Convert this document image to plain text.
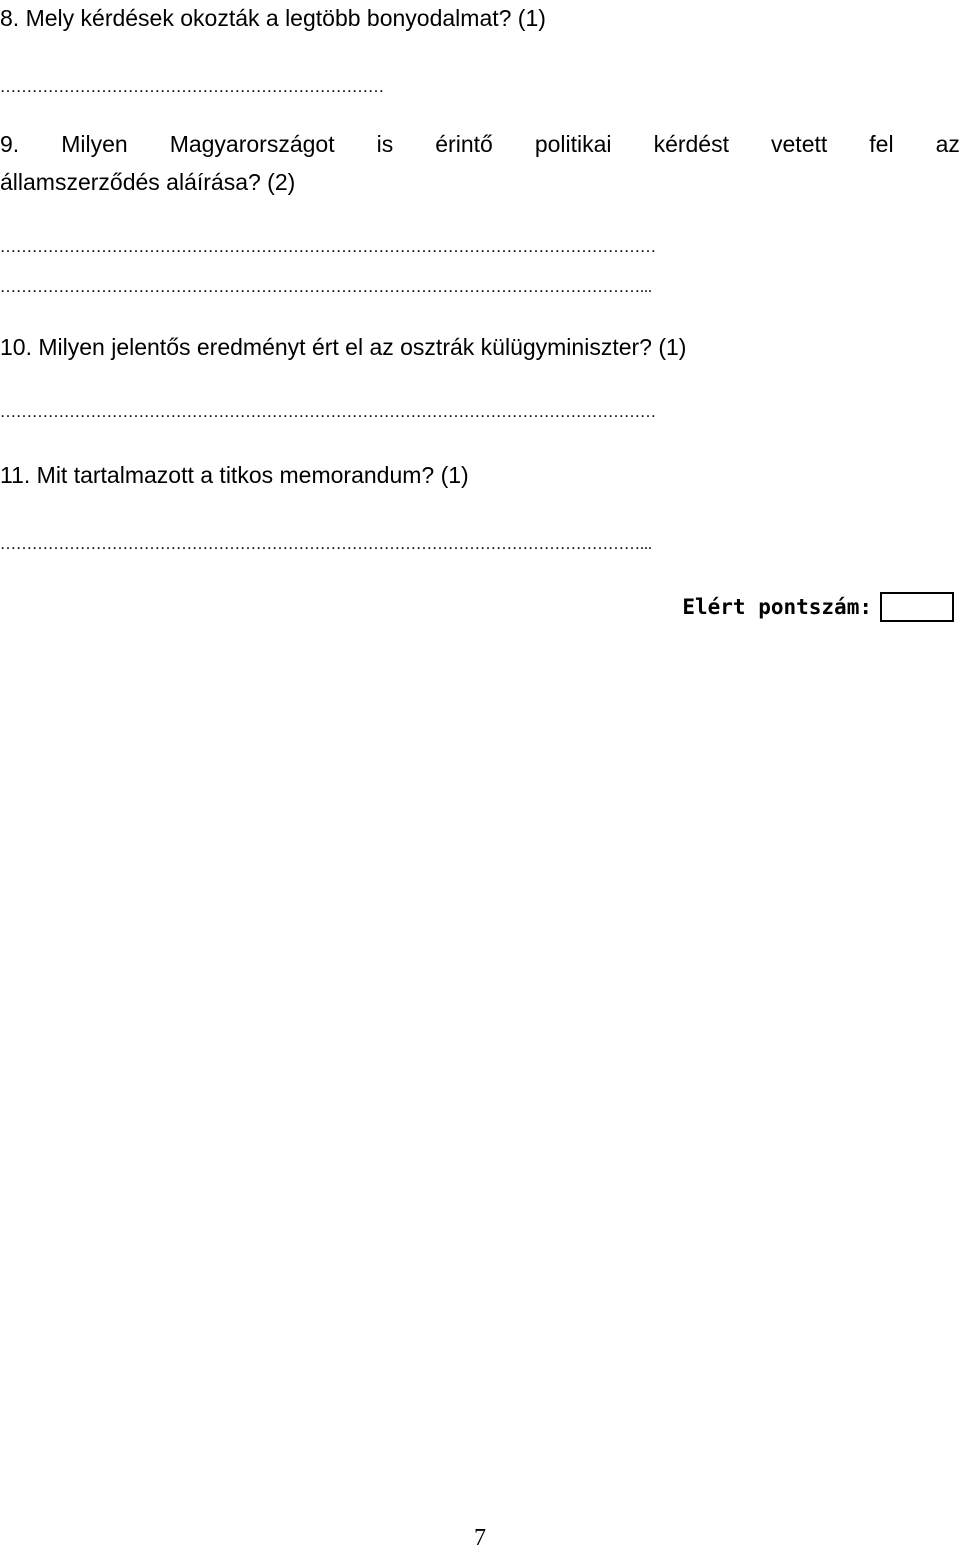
8. Mely kérdések okozták a legtöbb bonyodalmat? (1)
………………………………………………………………
9. Milyen Magyarországot is érintő politikai kérdést vetett fel az
államszerződés aláírása? (2)
……………………………………………………………………………………………………………
…………………………………………………………………………………………………………...
10. Milyen jelentős eredményt ért el az osztrák külügyminiszter? (1)
……………………………………………………………………………………………………………
11. Mit tartalmazott a titkos memorandum? (1)
…………………………………………………………………………………………………………...
Elért pontszám:
7
